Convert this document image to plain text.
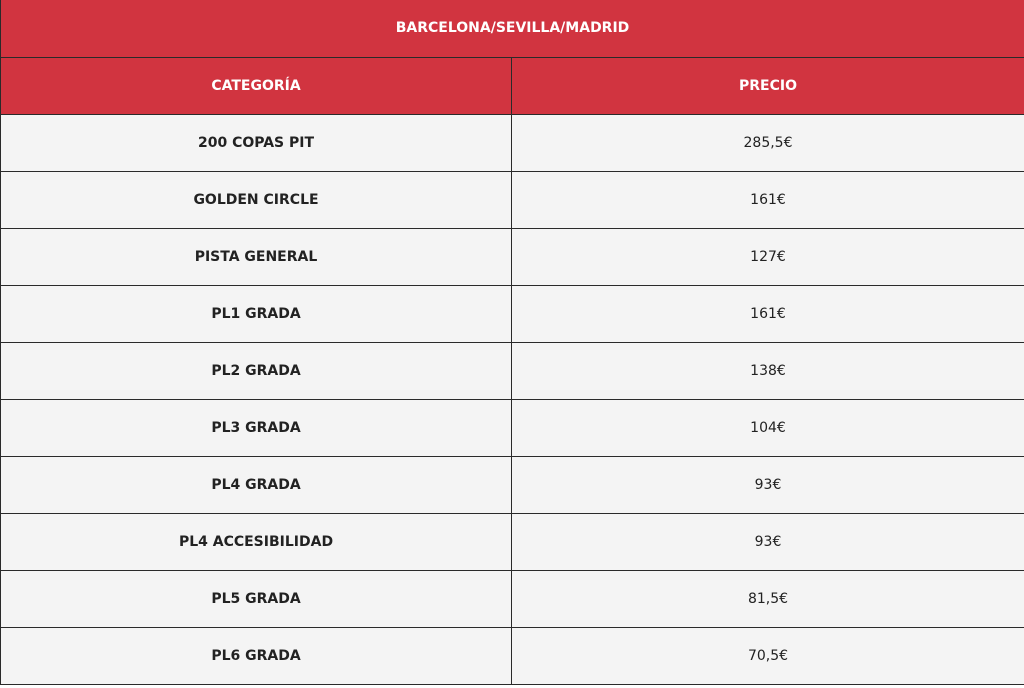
BARCELONA/SEVILLA/MADRID	
CATEGORÍA	PRECIO
200 COPAS PIT	285,5€
GOLDEN CIRCLE	161€
PISTA GENERAL	127€
PL1 GRADA	161€
PL2 GRADA	138€
PL3 GRADA	104€
PL4 GRADA	93€
PL4 ACCESIBILIDAD	93€
PL5 GRADA	81,5€
PL6 GRADA	70,5€
